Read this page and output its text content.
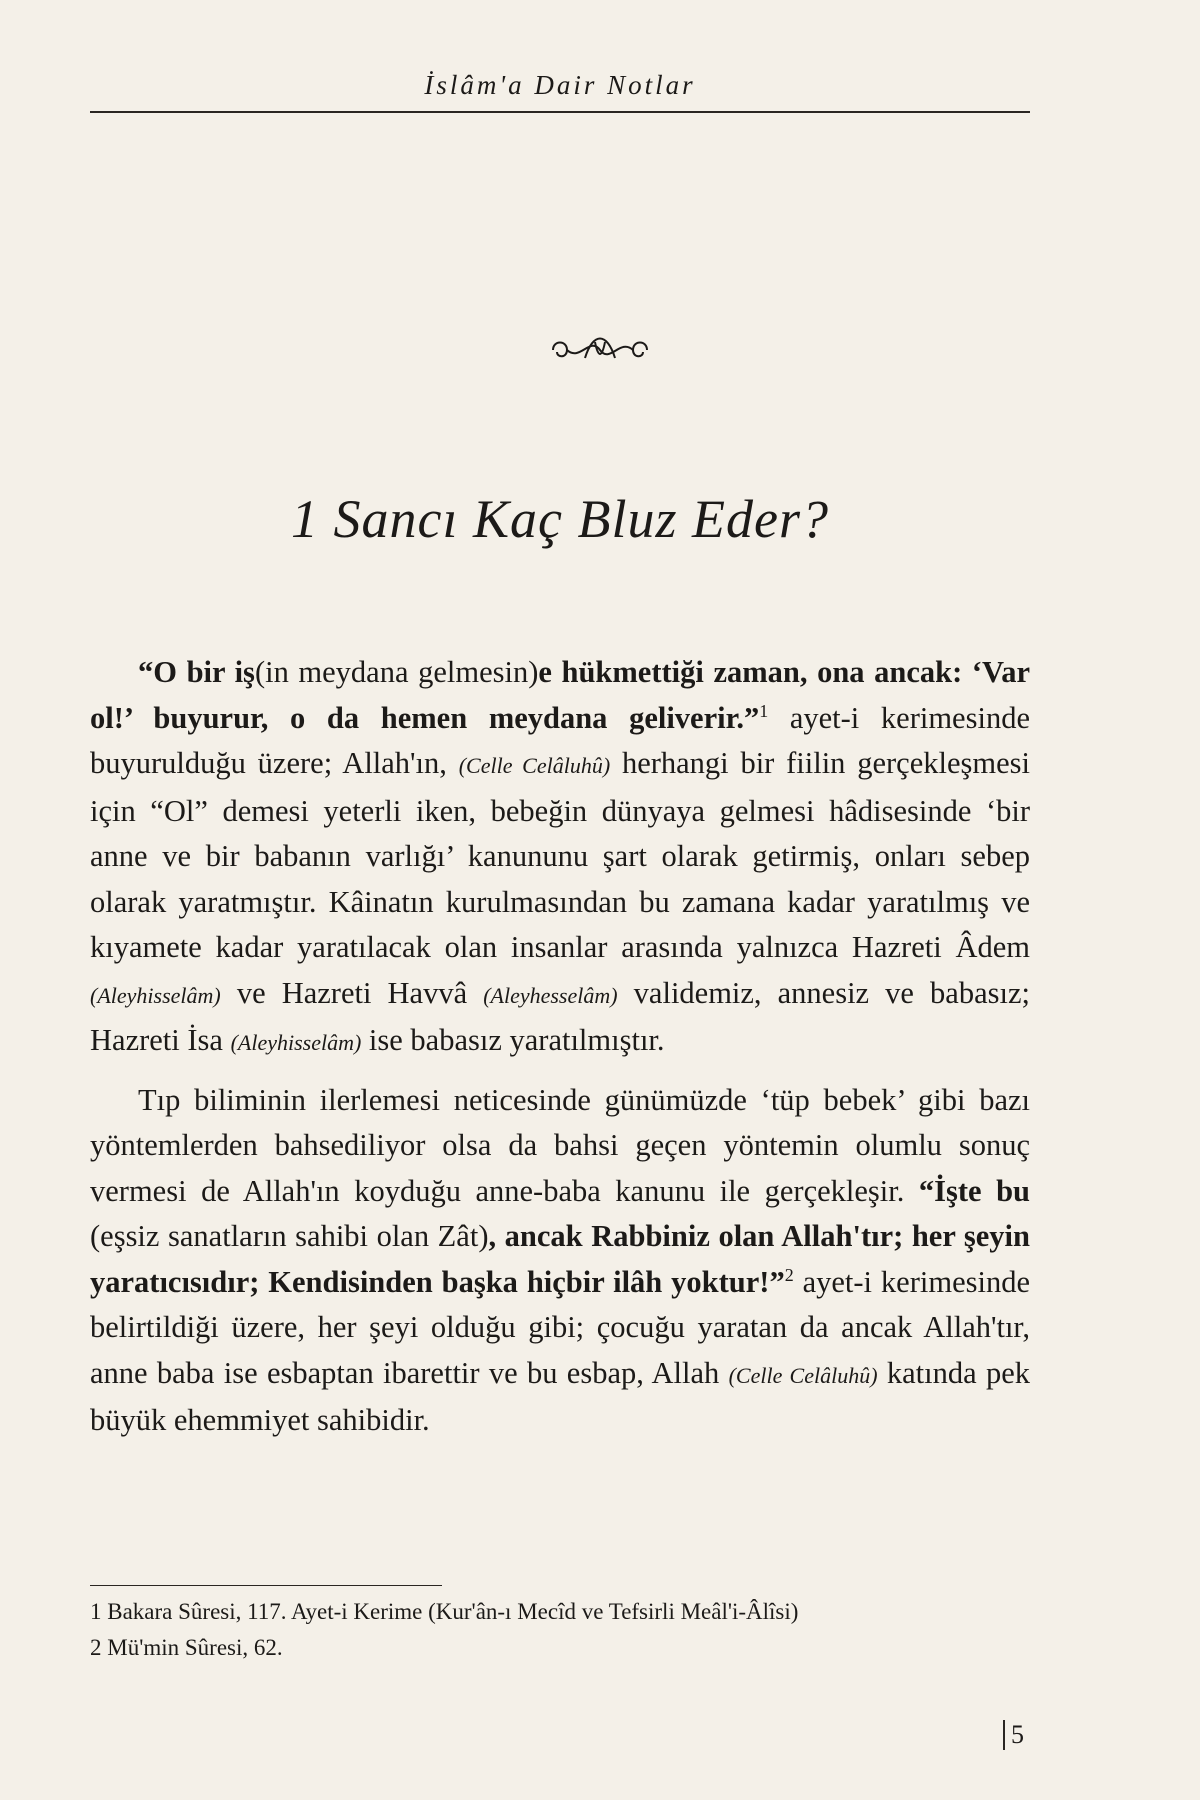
İslâm'a Dair Notlar
1 Sancı Kaç Bluz Eder?

“O bir iş(in meydana gelmesin)e hükmettiği zaman, ona ancak: ‘Var ol!’ buyurur, o da hemen meydana geliverir.”$^1$ ayet-i kerimesinde buyurulduğu üzere; Allah'ın, (Celle Celâluhû) herhangi bir fiilin gerçekleşmesi için “Ol” demesi yeterli iken, bebeğin dünyaya gelmesi hâdisesinde ‘bir anne ve bir babanın varlığı’ kanununu şart olarak getirmiş, onları sebep olarak yaratmıştır. Kâinatın kurulmasından bu zamana kadar yaratılmış ve kıyamete kadar yaratılacak olan insanlar arasında yalnızca Hazreti Âdem (Aleyhisselâm) ve Hazreti Havvâ (Aleyhesselâm) validemiz, annesiz ve babasız; Hazreti İsa (Aleyhisselâm) ise babasız yaratılmıştır.

Tıp biliminin ilerlemesi neticesinde günümüzde ‘tüp bebek’ gibi bazı yöntemlerden bahsediliyor olsa da bahsi geçen yöntemin olumlu sonuç vermesi de Allah'ın koyduğu anne-baba kanunu ile gerçekleşir. “İşte bu (eşsiz sanatların sahibi olan Zât), ancak Rabbiniz olan Allah'tır; her şeyin yaratıcısıdır; Kendisinden başka hiçbir ilâh yoktur!”$^2$ ayet-i kerimesinde belirtildiği üzere, her şeyi olduğu gibi; çocuğu yaratan da ancak Allah'tır, anne baba ise esbaptan ibarettir ve bu esbap, Allah (Celle Celâluhû) katında pek büyük ehemmiyet sahibidir.

1 Bakara Sûresi, 117. Ayet-i Kerime (Kur'ân-ı Mecîd ve Tefsirli Meâl'i-Âlîsi)
2 Mü'min Sûresi, 62.
5
